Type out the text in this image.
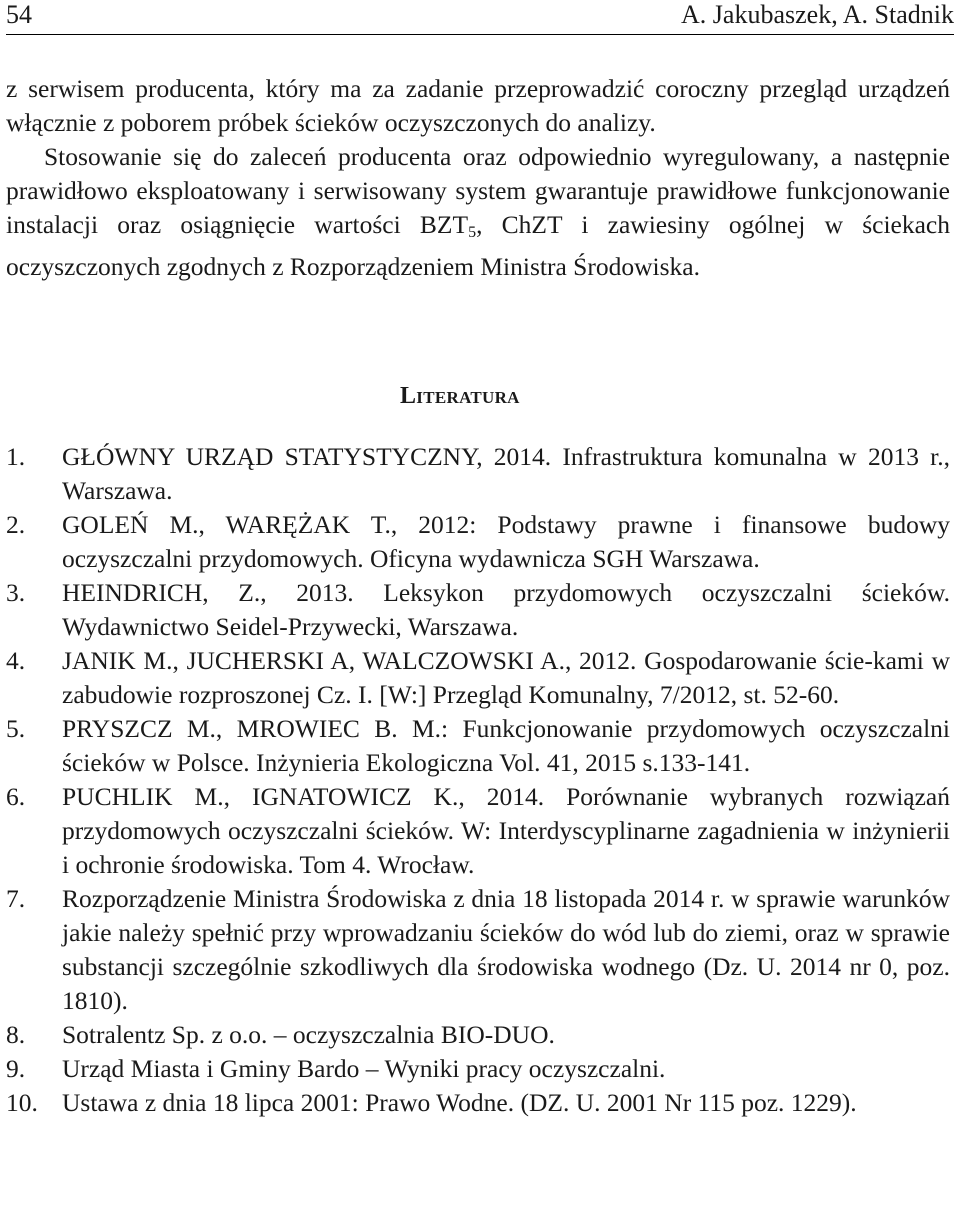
54	A. Jakubaszek, A. Stadnik

z serwisem producenta, który ma za zadanie przeprowadzić coroczny przegląd urządzeń włącznie z poborem próbek ścieków oczyszczonych do analizy.

Stosowanie się do zaleceń producenta oraz odpowiednio wyregulowany, a następnie prawidłowo eksploatowany i serwisowany system gwarantuje prawidłowe funkcjonowanie instalacji oraz osiągnięcie wartości $BZT_5$, ChZT i zawiesiny ogólnej w ściekach oczyszczonych zgodnych z Rozporządzeniem Ministra Środowiska.

Literatura
1. GŁÓWNY URZĄD STATYSTYCZNY, 2014. Infrastruktura komunalna w 2013 r., Warszawa.
2. GOLEŃ M., WARĘŻAK T., 2012: Podstawy prawne i finansowe budowy oczyszczalni przydomowych. Oficyna wydawnicza SGH Warszawa.
3. HEINDRICH, Z., 2013. Leksykon przydomowych oczyszczalni ścieków. Wydawnictwo Seidel-Przywecki, Warszawa.
4. JANIK M., JUCHERSKI A, WALCZOWSKI A., 2012. Gospodarowanie ście-kami w zabudowie rozproszonej Cz. I. [W:] Przegląd Komunalny, 7/2012, st. 52-60.
5. PRYSZCZ M., MROWIEC B. M.: Funkcjonowanie przydomowych oczyszczalni ścieków w Polsce. Inżynieria Ekologiczna Vol. 41, 2015 s.133-141.
6. PUCHLIK M., IGNATOWICZ K., 2014. Porównanie wybranych rozwiązań przydomowych oczyszczalni ścieków. W: Interdyscyplinarne zagadnienia w inżynierii i ochronie środowiska. Tom 4. Wrocław.
7. Rozporządzenie Ministra Środowiska z dnia 18 listopada 2014 r. w sprawie warunków jakie należy spełnić przy wprowadzaniu ścieków do wód lub do ziemi, oraz w sprawie substancji szczególnie szkodliwych dla środowiska wodnego (Dz. U. 2014 nr 0, poz. 1810).
8. Sotralentz Sp. z o.o. – oczyszczalnia BIO-DUO.
9. Urząd Miasta i Gminy Bardo – Wyniki pracy oczyszczalni.
10. Ustawa z dnia 18 lipca 2001: Prawo Wodne. (DZ. U. 2001 Nr 115 poz. 1229).
